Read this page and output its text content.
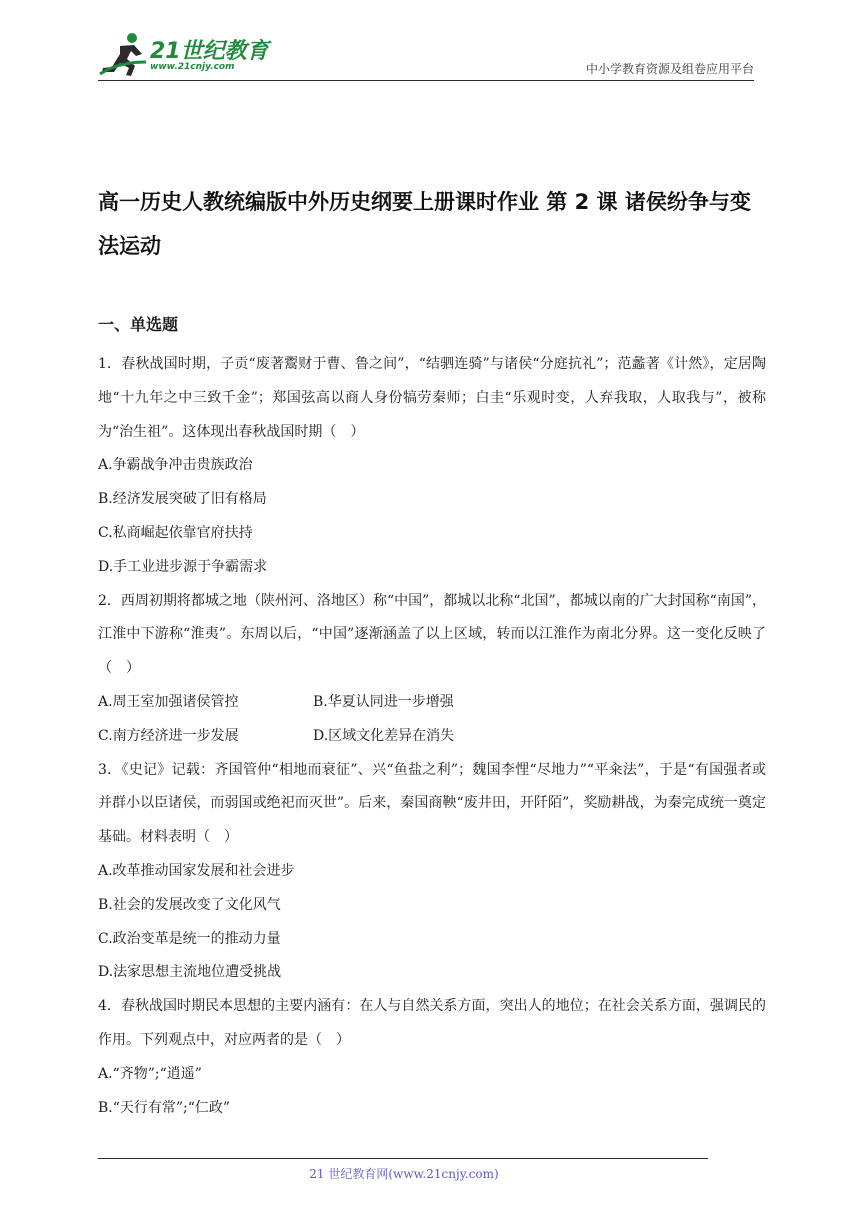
21世纪教育
www.21cnjy.com	中小学教育资源及组卷应用平台
高一历史人教统编版中外历史纲要上册课时作业 第 2 课 诸侯纷争与变法运动
一、单选题

1．春秋战国时期，子贡“废著鬻财于曹、鲁之间”，“结驷连骑”与诸侯“分庭抗礼”；范蠡著《计然》，定居陶地“十九年之中三致千金”；郑国弦高以商人身份犒劳秦师；白圭“乐观时变，人弃我取，人取我与”，被称为“治生祖”。这体现出春秋战国时期（　）

A.争霸战争冲击贵族政治

B.经济发展突破了旧有格局

C.私商崛起依靠官府扶持

D.手工业进步源于争霸需求

2．西周初期将都城之地（陕州河、洛地区）称“中国”，都城以北称“北国”，都城以南的广大封国称“南国”，江淮中下游称“淮夷”。东周以后，“中国”逐渐涵盖了以上区域，转而以江淮作为南北分界。这一变化反映了（　）

A.周王室加强诸侯管控	B.华夏认同进一步增强
C.南方经济进一步发展	D.区域文化差异在消失

3．《史记》记载：齐国管仲“相地而衰征”、兴“鱼盐之利”；魏国李悝“尽地力”“平籴法”，于是“有国强者或并群小以臣诸侯，而弱国或绝祀而灭世”。后来，秦国商鞅“废井田，开阡陌”，奖励耕战，为秦完成统一奠定基础。材料表明（　）

A.改革推动国家发展和社会进步

B.社会的发展改变了文化风气

C.政治变革是统一的推动力量

D.法家思想主流地位遭受挑战

4．春秋战国时期民本思想的主要内涵有：在人与自然关系方面，突出人的地位；在社会关系方面，强调民的作用。下列观点中，对应两者的是（　）

A.“齐物”;“逍遥”

B.“天行有常”;“仁政”

21 世纪教育网(www.21cnjy.com)
